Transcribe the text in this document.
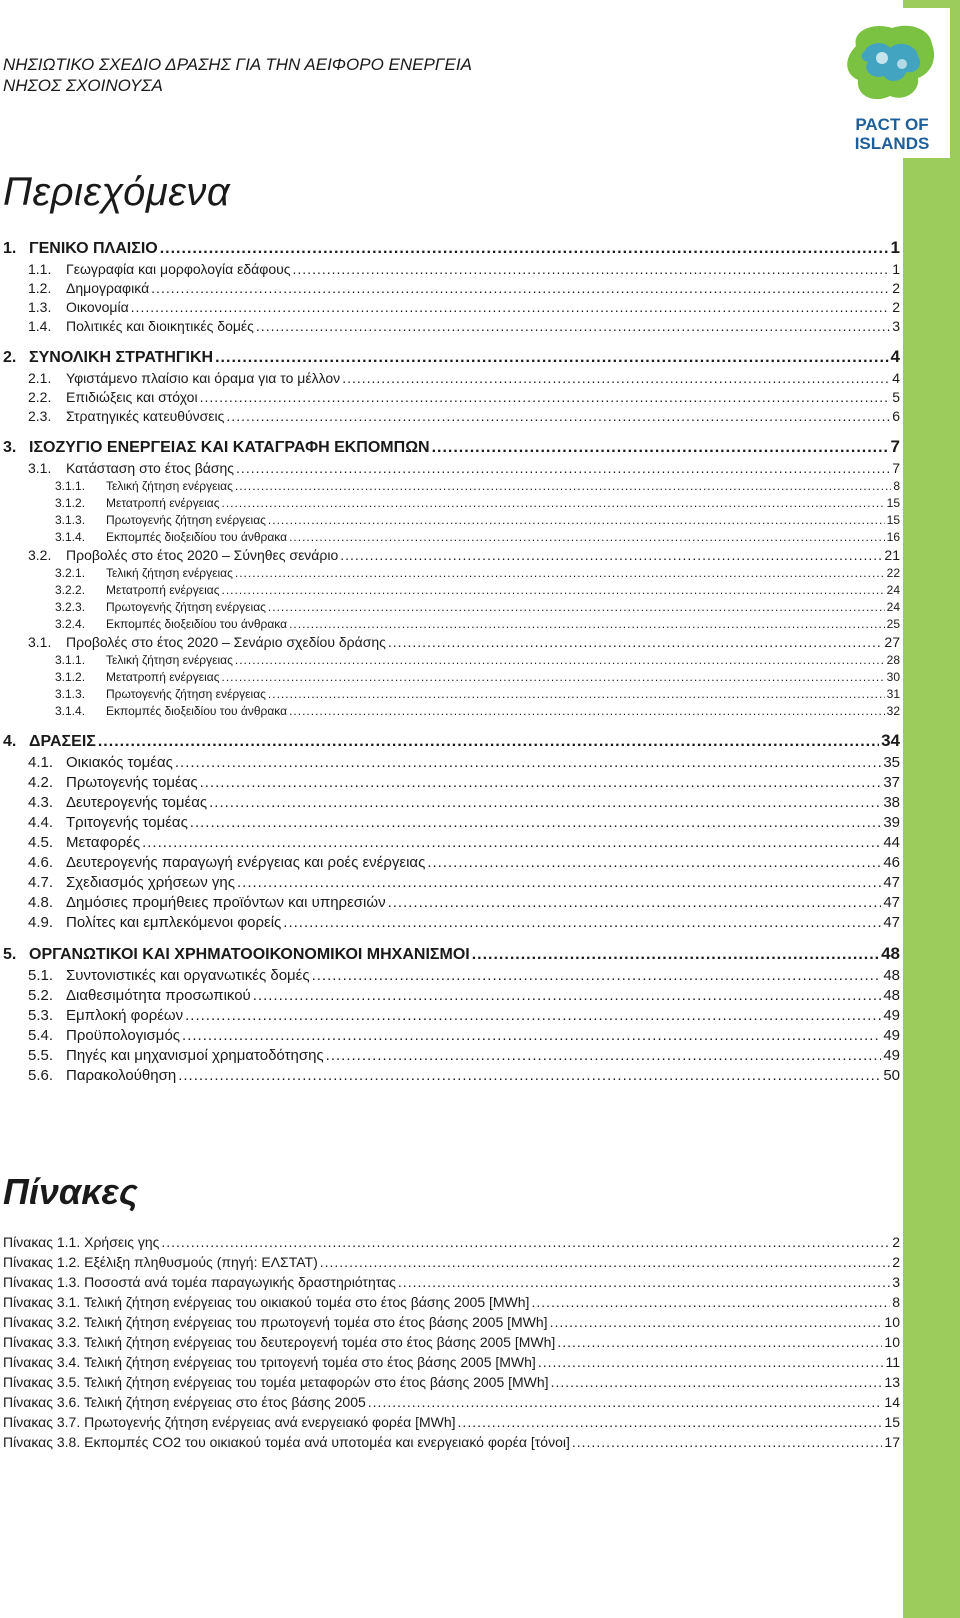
PACT OF
ISLANDS
ΝΗΣΙΩΤΙΚΟ ΣΧΕΔΙΟ ΔΡΑΣΗΣ ΓΙΑ ΤΗΝ ΑΕΙΦΟΡΟ ΕΝΕΡΓΕΙΑ
ΝΗΣΟΣ ΣΧΟΙΝΟΥΣΑ
Περιεχόμενα
1. ΓΕΝΙΚΟ ΠΛΑΙΣΙΟ .....	1
1.1.	Γεωγραφία και μορφολογία εδάφους .....	1
1.2.	Δημογραφικά .....	2
1.3.	Οικονομία .....	2
1.4.	Πολιτικές και διοικητικές δομές .....	3
2. ΣΥΝΟΛΙΚΗ ΣΤΡΑΤΗΓΙΚΗ .....	4
2.1.	Υφιστάμενο πλαίσιο και όραμα για το μέλλον .....	4
2.2.	Επιδιώξεις και στόχοι .....	5
2.3.	Στρατηγικές κατευθύνσεις .....	6
3. ΙΣΟΖΥΓΙΟ ΕΝΕΡΓΕΙΑΣ ΚΑΙ ΚΑΤΑΓΡΑΦΗ ΕΚΠΟΜΠΩΝ .....	7
3.1.	Κατάσταση στο έτος βάσης .....	7
3.1.1.	Τελική ζήτηση ενέργειας .....	8
3.1.2.	Μετατροπή ενέργειας .....	15
3.1.3.	Πρωτογενής ζήτηση ενέργειας .....	15
3.1.4.	Εκπομπές διοξειδίου του άνθρακα .....	16
3.2.	Προβολές στο έτος 2020 – Σύνηθες σενάριο .....	21
3.2.1.	Τελική ζήτηση ενέργειας .....	22
3.2.2.	Μετατροπή ενέργειας .....	24
3.2.3.	Πρωτογενής ζήτηση ενέργειας .....	24
3.2.4.	Εκπομπές διοξειδίου του άνθρακα .....	25
3.1.	Προβολές στο έτος 2020 – Σενάριο σχεδίου δράσης .....	27
3.1.1.	Τελική ζήτηση ενέργειας .....	28
3.1.2.	Μετατροπή ενέργειας .....	30
3.1.3.	Πρωτογενής ζήτηση ενέργειας .....	31
3.1.4.	Εκπομπές διοξειδίου του άνθρακα .....	32
4. ΔΡΑΣΕΙΣ .....	34
4.1. Οικιακός τομέας .....	35
4.2. Πρωτογενής τομέας .....	37
4.3. Δευτερογενής τομέας .....	38
4.4. Τριτογενής τομέας .....	39
4.5. Μεταφορές .....	44
4.6. Δευτερογενής παραγωγή ενέργειας και ροές ενέργειας .....	46
4.7. Σχεδιασμός χρήσεων γης .....	47
4.8. Δημόσιες προμήθειες προϊόντων και υπηρεσιών .....	47
4.9. Πολίτες και εμπλεκόμενοι φορείς .....	47
5. ΟΡΓΑΝΩΤΙΚΟΙ ΚΑΙ ΧΡΗΜΑΤΟΟΙΚΟΝΟΜΙΚΟΙ ΜΗΧΑΝΙΣΜΟΙ .....	48
5.1. Συντονιστικές και οργανωτικές δομές .....	48
5.2. Διαθεσιμότητα προσωπικού .....	48
5.3. Εμπλοκή φορέων .....	49
5.4. Προϋπολογισμός .....	49
5.5. Πηγές και μηχανισμοί χρηματοδότησης .....	49
5.6. Παρακολούθηση .....	50
Πίνακες
Πίνακας 1.1. Χρήσεις γης .....	2
Πίνακας 1.2. Εξέλιξη πληθυσμούς (πηγή: ΕΛΣΤΑΤ) .....	2
Πίνακας 1.3. Ποσοστά ανά τομέα παραγωγικής δραστηριότητας .....	3
Πίνακας 3.1. Τελική ζήτηση ενέργειας του οικιακού τομέα στο έτος βάσης 2005 [MWh] .....	8
Πίνακας 3.2. Τελική ζήτηση ενέργειας του πρωτογενή τομέα στο έτος βάσης 2005 [MWh] .....	10
Πίνακας 3.3. Τελική ζήτηση ενέργειας του δευτερογενή τομέα στο έτος βάσης 2005 [MWh] .....	10
Πίνακας 3.4. Τελική ζήτηση ενέργειας του τριτογενή τομέα στο έτος βάσης 2005 [MWh] .....	11
Πίνακας 3.5. Τελική ζήτηση ενέργειας του τομέα μεταφορών στο έτος βάσης 2005 [MWh] .....	13
Πίνακας 3.6. Τελική ζήτηση ενέργειας στο έτος βάσης 2005 .....	14
Πίνακας 3.7. Πρωτογενής ζήτηση ενέργειας ανά ενεργειακό φορέα [MWh] .....	15
Πίνακας 3.8. Εκπομπές CO2 του οικιακού τομέα ανά υποτομέα και ενεργειακό φορέα [τόνοι] .....	17
